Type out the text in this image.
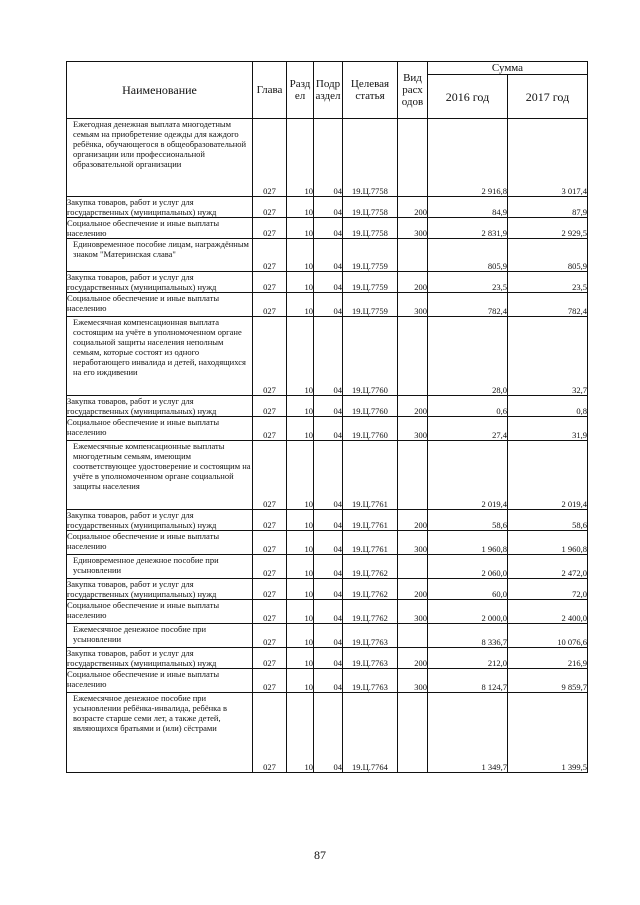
Наименование	Глава	Разд ел	Подр аздел	Целевая статья	Вид расх одов	Сумма	
						2016 год	2017 год
Ежегодная денежная выплата многодетным семьям на приобретение одежды для каждого ребёнка, обучающегося в общеобразовательной организации или профессиональной образовательной организации	027	10	04	19.Ц.7758		2 916,8	3 017,4
Закупка товаров, работ и услуг для государственных (муниципальных) нужд	027	10	04	19.Ц.7758	200	84,9	87,9
Социальное обеспечение и иные выплаты населению	027	10	04	19.Ц.7758	300	2 831,9	2 929,5
Единовременное пособие лицам, награждённым знаком "Материнская слава"	027	10	04	19.Ц.7759		805,9	805,9
Закупка товаров, работ и услуг для государственных (муниципальных) нужд	027	10	04	19.Ц.7759	200	23,5	23,5
Социальное обеспечение и иные выплаты населению	027	10	04	19.Ц.7759	300	782,4	782,4
Ежемесячная компенсационная выплата состоящим на учёте в уполномоченном органе социальной защиты населения неполным семьям, которые состоят из одного неработающего инвалида и детей, находящихся на его иждивении	027	10	04	19.Ц.7760		28,0	32,7
Закупка товаров, работ и услуг для государственных (муниципальных) нужд	027	10	04	19.Ц.7760	200	0,6	0,8
Социальное обеспечение и иные выплаты населению	027	10	04	19.Ц.7760	300	27,4	31,9
Ежемесячные компенсационные выплаты многодетным семьям, имеющим соответствующее удостоверение и состоящим на учёте в уполномоченном органе социальной защиты населения	027	10	04	19.Ц.7761		2 019,4	2 019,4
Закупка товаров, работ и услуг для государственных (муниципальных) нужд	027	10	04	19.Ц.7761	200	58,6	58,6
Социальное обеспечение и иные выплаты населению	027	10	04	19.Ц.7761	300	1 960,8	1 960,8
Единовременное денежное пособие при усыновлении	027	10	04	19.Ц.7762		2 060,0	2 472,0
Закупка товаров, работ и услуг для государственных (муниципальных) нужд	027	10	04	19.Ц.7762	200	60,0	72,0
Социальное обеспечение и иные выплаты населению	027	10	04	19.Ц.7762	300	2 000,0	2 400,0
Ежемесячное денежное пособие при усыновлении	027	10	04	19.Ц.7763		8 336,7	10 076,6
Закупка товаров, работ и услуг для государственных (муниципальных) нужд	027	10	04	19.Ц.7763	200	212,0	216,9
Социальное обеспечение и иные выплаты населению	027	10	04	19.Ц.7763	300	8 124,7	9 859,7
Ежемесячное денежное пособие при усыновлении ребёнка-инвалида, ребёнка в возрасте старше семи лет, а также детей, являющихся братьями и (или) сёстрами	027	10	04	19.Ц.7764		1 349,7	1 399,5
87
